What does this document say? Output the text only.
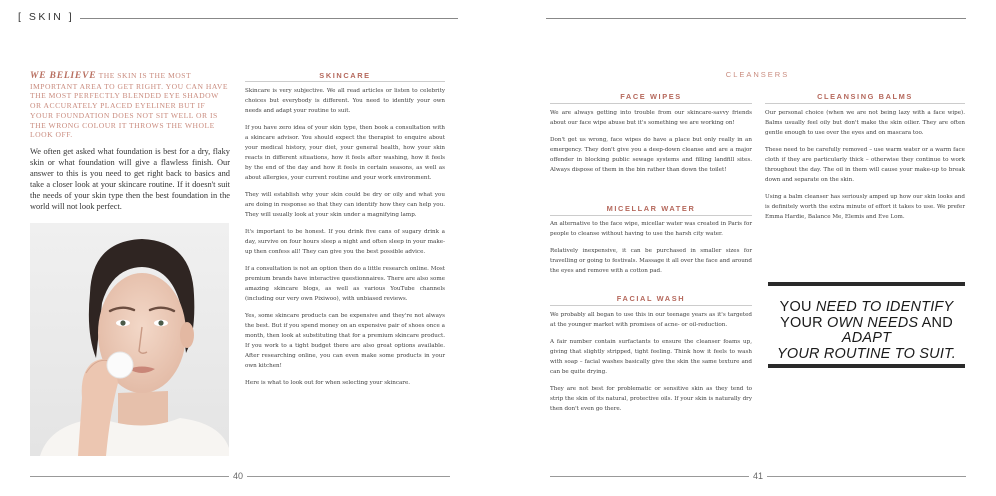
[ SKIN ]
WE BELIEVE THE SKIN IS THE MOST IMPORTANT AREA TO GET RIGHT. YOU CAN HAVE THE MOST PERFECTLY BLENDED EYE SHADOW OR ACCURATELY PLACED EYELINER BUT IF YOUR FOUNDATION DOES NOT SIT WELL OR IS THE WRONG COLOUR IT THROWS THE WHOLE LOOK OFF.
We often get asked what foundation is best for a dry, flaky skin or what foundation will give a flawless finish. Our answer to this is you need to get right back to basics and take a closer look at your skincare routine. If it doesn't suit the needs of your skin type then the best foundation in the world will not look perfect.
SKINCARE

Skincare is very subjective. We all read articles or listen to celebrity choices but everybody is different. You need to identify your own needs and adapt your routine to suit.

If you have zero idea of your skin type, then book a consultation with a skincare advisor. You should expect the therapist to enquire about your medical history, your diet, your general health, how your skin reacts in different situations, how it feels after washing, how it feels by the end of the day and how it feels in certain seasons, as well as about allergies, your current routine and your work environment.

They will establish why your skin could be dry or oily and what you are doing in response so that they can identify how they can help you. They will usually look at your skin under a magnifying lamp.

It's important to be honest. If you drink five cans of sugary drink a day, survive on four hours sleep a night and often sleep in your make-up then confess all! They can give you the best possible advice.

If a consultation is not an option then do a little research online. Most premium brands have interactive questionnaires. There are also some amazing skincare blogs, as well as various YouTube channels (including our very own Pixiwoo), with unbiased reviews.

Yes, some skincare products can be expensive and they're not always the best. But if you spend money on an expensive pair of shoes once a month, then look at substituting that for a premium skincare product. If you work to a tight budget there are also great options available. After researching online, you can even make some products in your own kitchen!

Here is what to look out for when selecting your skincare.

CLEANSERS
FACE WIPES

We are always getting into trouble from our skincare-savvy friends about our face wipe abuse but it's something we are working on!

Don't get us wrong, face wipes do have a place but only really in an emergency. They don't give you a deep-down cleanse and are a major offender in blocking public sewage systems and filling landfill sites. Always dispose of them in the bin rather than down the toilet!

MICELLAR WATER

An alternative to the face wipe, micellar water was created in Paris for people to cleanse without having to use the harsh city water.

Relatively inexpensive, it can be purchased in smaller sizes for travelling or going to festivals. Massage it all over the face and around the eyes and remove with a cotton pad.

FACIAL WASH

We probably all began to use this in our teenage years as it's targeted at the younger market with promises of acne- or oil-reduction.

A fair number contain surfactants to ensure the cleanser foams up, giving that slightly stripped, tight feeling. Think how it feels to wash with soap – facial washes basically give the skin the same texture and can be quite drying.

They are not best for problematic or sensitive skin as they tend to strip the skin of its natural, protective oils. If your skin is naturally dry then don't even go there.

CLEANSING BALMS

Our personal choice (when we are not being lazy with a face wipe). Balms usually feel oily but don't make the skin oilier. They are often gentle enough to use over the eyes and on mascara too.

These need to be carefully removed – use warm water or a warm face cloth if they are particularly thick – otherwise they continue to work throughout the day. The oil in them will cause your make-up to break down and separate on the skin.

Using a balm cleanser has seriously amped up how our skin looks and is definitely worth the extra minute of effort it takes to use. We prefer Emma Hardie, Balance Me, Elemis and Eve Lom.

YOU NEED TO IDENTIFY
YOUR OWN NEEDS AND ADAPT
YOUR ROUTINE TO SUIT.
40	41
